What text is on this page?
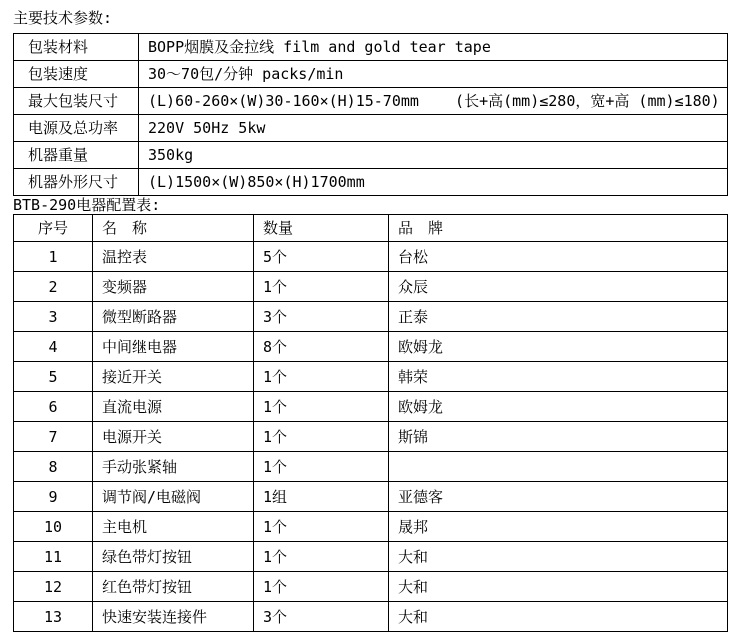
主要技术参数:
包装材料	BOPP烟膜及金拉线 film and gold tear tape
包装速度	30～70包/分钟 packs/min
最大包装尺寸	(L)60-260×(W)30-160×(H)15-70mm    (长+高(mm)≤280，宽+高 (mm)≤180)
电源及总功率	220V 50Hz 5kw
机器重量	350kg
机器外形尺寸	(L)1500×(W)850×(H)1700mm
BTB-290电器配置表:
序号	名　称	数量	品　牌
1	温控表	5个	台松
2	变频器	1个	众辰
3	微型断路器	3个	正泰
4	中间继电器	8个	欧姆龙
5	接近开关	1个	韩荣
6	直流电源	1个	欧姆龙
7	电源开关	1个	斯锦
8	手动张紧轴	1个	
9	调节阀/电磁阀	1组	亚德客
10	主电机	1个	晟邦
11	绿色带灯按钮	1个	大和
12	红色带灯按钮	1个	大和
13	快速安装连接件	3个	大和
